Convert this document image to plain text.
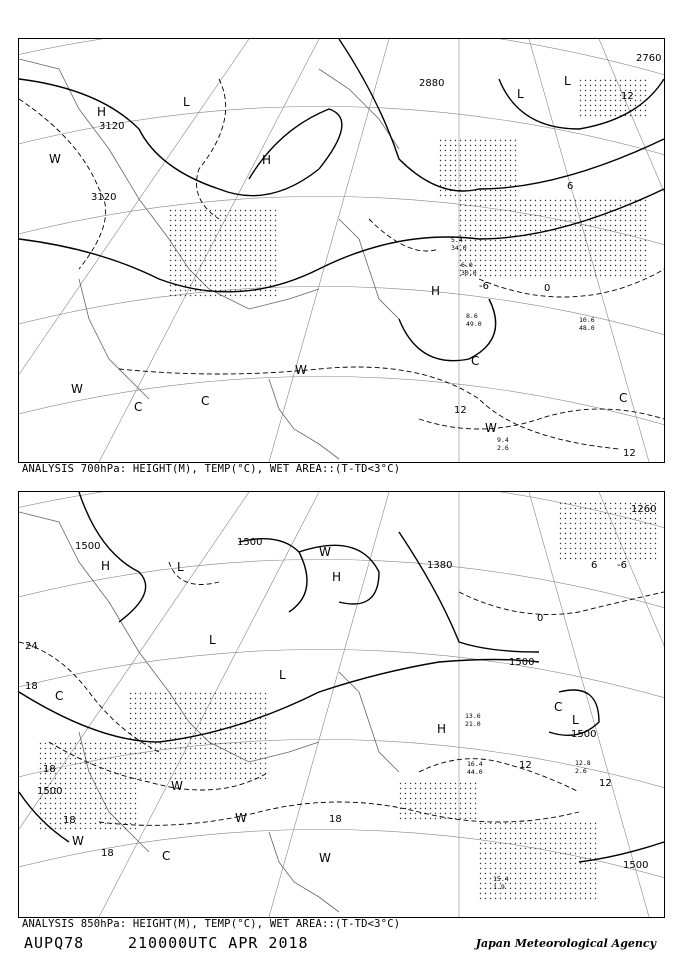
10.6
48.0
9.4
2.6
8.6
49.0
6.0
30.0
5.4
34.0
H
L
H
L
H
L
C	C
C
C
W
W
W
W
3120
3120
2880
2760
-6	0
12
12
6
12
ANALYSIS 700hPa: HEIGHT(M), TEMP(°C), WET AREA::(T-TD<3°C)
12.8
2.6
15.4
1.9
16.4
44.0
13.6
21.0
H	L
H
L
H
L
L
W
W
W
W
W
C
C
C
1500	1500
1380
1500
1500
1500
1260
1500
24
18
12
6
0
18
18	18
18
12
-6
ANALYSIS 850hPa: HEIGHT(M), TEMP(°C), WET AREA::(T-TD<3°C)
AUPQ78	210000UTC APR 2018	Japan Meteorological Agency
